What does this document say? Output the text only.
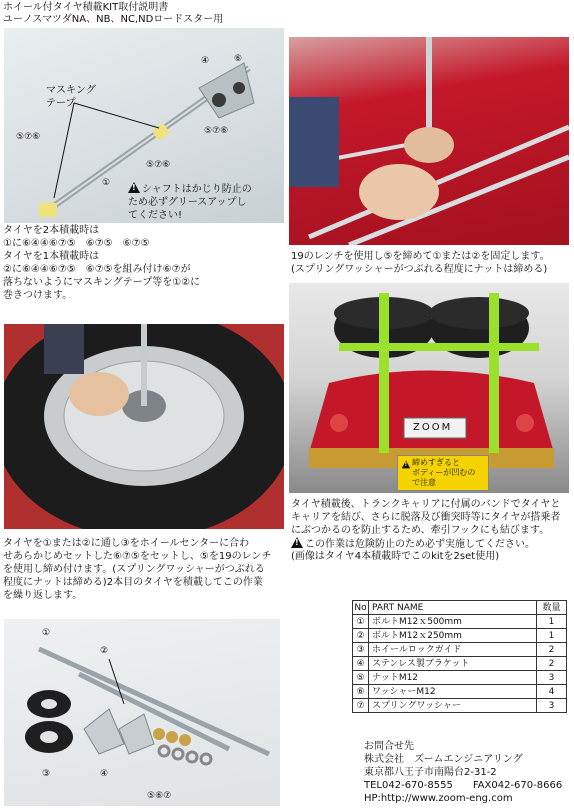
ホイール付タイヤ積載KIT取付説明書
ユーノスマツダNA、NB、NC,NDロードスター用
マスキング
テープ
⑤⑦⑥
①
⑤⑦⑥
④	⑥
⑤⑦⑥
!シャフトはかじり防止の
ため必ずグリースアップし
てください!
タイヤを2本積載時は
①に⑥④④⑥⑦⑤　⑥⑦⑤　⑥⑦⑤
タイヤを1本積載時は
②に⑥④④⑥⑦⑤　⑥⑦⑤を組み付け⑥⑦が
落ちないようにマスキングテープ等を①②に
巻きつけます。
19のレンチを使用し⑤を締めて①または②を固定します。
(スプリングワッシャーがつぶれる程度にナットは締める)
ZOOM
!
締めすぎると
ボディーが凹むの
で注意
タイヤを①または②に通し③をホイールセンターに合わ
せあらかじめセットした⑥⑦⑤をセットし、⑤を19のレンチ
を使用し締め付けます。(スプリングワッシャーがつぶれる
程度にナットは締める)2本目のタイヤを積載してこの作業
を繰り返します。
タイヤ積載後、トランクキャリアに付属のバンドでタイヤと
キャリアを結び、さらに脱落及び衝突時等にタイヤが搭乗者
にぶつかるのを防止するため、牽引フックにも結びます。
!この作業は危険防止のため必ず実施してください。
(画像はタイヤ4本積載時でこのkitを2set使用)
①
②
③	④
⑤⑥⑦
No	PART NAME	数量
①	ボルトM12ｘ500mm	1
②	ボルトM12ｘ250mm	1
③	ホイールロックガイド	2
④	ステンレス製ブラケット	2
⑤	ナットM12	3
⑥	ワッシャーM12	4
⑦	スプリングワッシャー	3
お問合せ先
株式会社　ズームエンジニアリング
東京都八王子市南陽台2-31-2
TEL042-670-8555　　FAX042-670-8666
HP:http://www.zoom-eng.com
